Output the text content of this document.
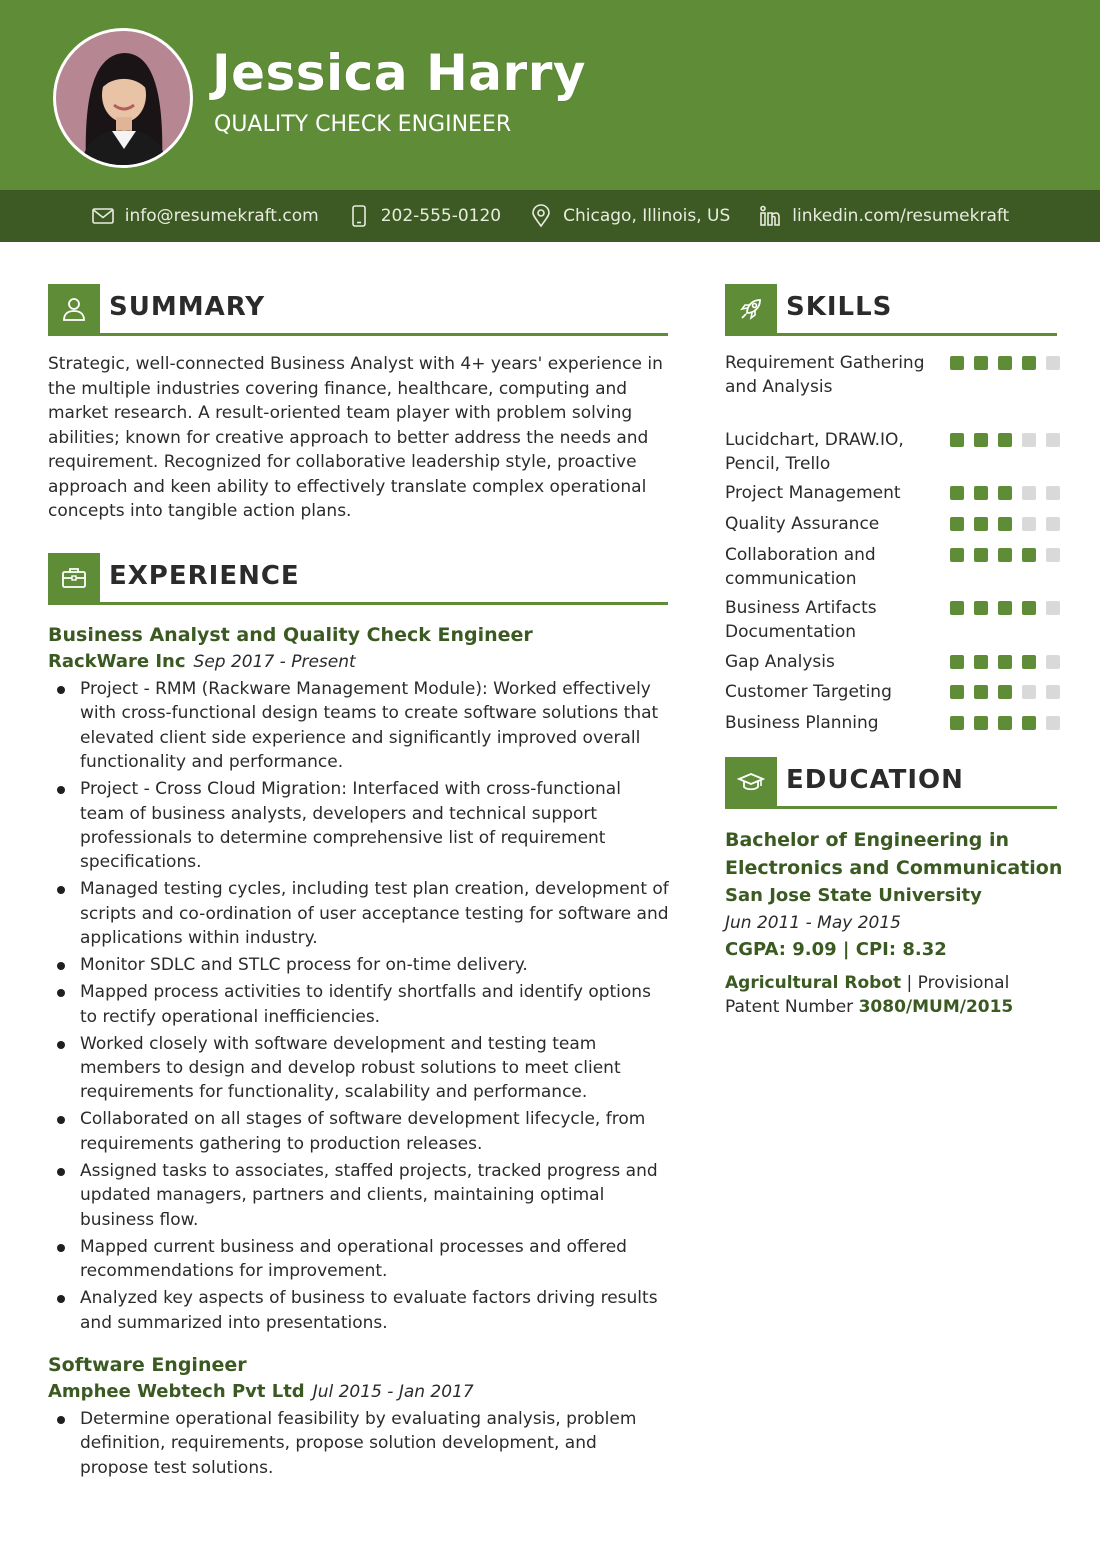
Jessica Harry
QUALITY CHECK ENGINEER
info@resumekraft.com	202-555-0120	Chicago, Illinois, US	linkedin.com/resumekraft
SUMMARY
Strategic, well-connected Business Analyst with 4+ years' experience in the multiple industries covering finance, healthcare, computing and market research. A result-oriented team player with problem solving abilities; known for creative approach to better address the needs and requirement. Recognized for collaborative leadership style, proactive approach and keen ability to effectively translate complex operational concepts into tangible action plans.
EXPERIENCE
Business Analyst and Quality Check Engineer
RackWare Inc Sep 2017 - Present
Project - RMM (Rackware Management Module): Worked effectively with cross-functional design teams to create software solutions that elevated client side experience and significantly improved overall functionality and performance.
Project - Cross Cloud Migration: Interfaced with cross-functional team of business analysts, developers and technical support professionals to determine comprehensive list of requirement specifications.
Managed testing cycles, including test plan creation, development of scripts and co-ordination of user acceptance testing for software and applications within industry.
Monitor SDLC and STLC process for on-time delivery.
Mapped process activities to identify shortfalls and identify options to rectify operational inefficiencies.
Worked closely with software development and testing team members to design and develop robust solutions to meet client requirements for functionality, scalability and performance.
Collaborated on all stages of software development lifecycle, from requirements gathering to production releases.
Assigned tasks to associates, staffed projects, tracked progress and updated managers, partners and clients, maintaining optimal business flow.
Mapped current business and operational processes and offered recommendations for improvement.
Analyzed key aspects of business to evaluate factors driving results and summarized into presentations.
Software Engineer
Amphee Webtech Pvt Ltd Jul 2015 - Jan 2017
Determine operational feasibility by evaluating analysis, problem definition, requirements, propose solution development, and propose test solutions.
SKILLS
Requirement Gathering and Analysis
Lucidchart, DRAW.IO, Pencil, Trello
Project Management
Quality Assurance
Collaboration and communication
Business Artifacts Documentation
Gap Analysis
Customer Targeting
Business Planning
EDUCATION
Bachelor of Engineering in Electronics and Communication
San Jose State University
Jun 2011 - May 2015
CGPA: 9.09 | CPI: 8.32
Agricultural Robot | Provisional Patent Number 3080/MUM/2015
